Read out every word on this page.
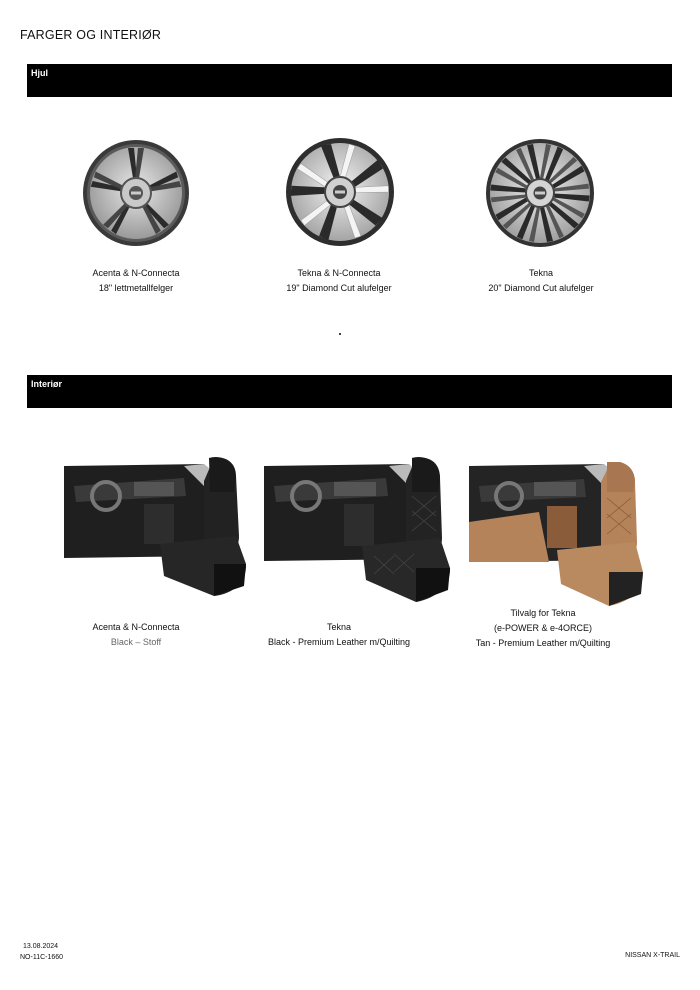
FARGER OG INTERIØR
Hjul
Acenta & N-Connecta
18" lettmetallfelger
Tekna & N-Connecta
19" Diamond Cut alufelger
Tekna
20" Diamond Cut alufelger
Interiør
Acenta & N-Connecta
Black – Stoff
Tekna
Black - Premium Leather m/Quilting
Tilvalg for Tekna
(e-POWER & e-4ORCE)
Tan - Premium Leather m/Quilting
13.08.2024
NO-11C-1660	NISSAN X-TRAIL
